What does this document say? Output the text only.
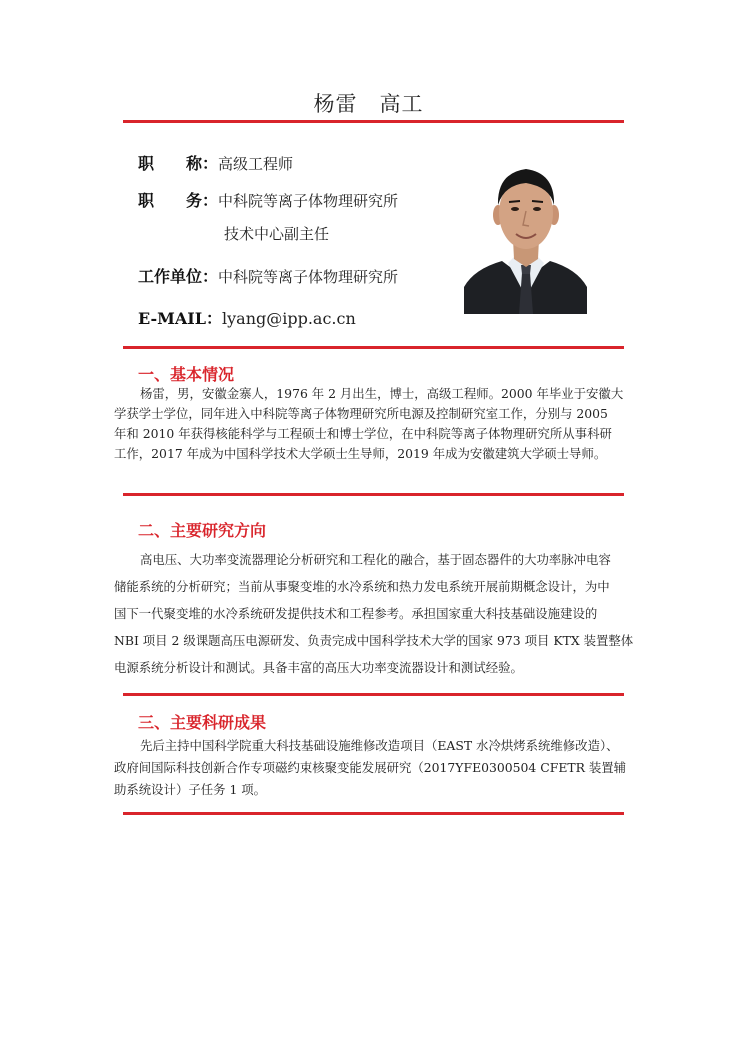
杨雷 高工
职　　称：高级工程师
职　　务：中科院等离子体物理研究所
技术中心副主任
工作单位：中科院等离子体物理研究所
E-MAIL：lyang@ipp.ac.cn
一、基本情况
杨雷，男，安徽金寨人，1976 年 2 月出生，博士，高级工程师。2000 年毕业于安徽大
学获学士学位，同年进入中科院等离子体物理研究所电源及控制研究室工作，分别与 2005
年和 2010 年获得核能科学与工程硕士和博士学位，在中科院等离子体物理研究所从事科研
工作，2017 年成为中国科学技术大学硕士生导师，2019 年成为安徽建筑大学硕士导师。
二、主要研究方向
高电压、大功率变流器理论分析研究和工程化的融合，基于固态器件的大功率脉冲电容
储能系统的分析研究；当前从事聚变堆的水冷系统和热力发电系统开展前期概念设计，为中
国下一代聚变堆的水冷系统研发提供技术和工程参考。承担国家重大科技基础设施建设的
NBI 项目 2 级课题高压电源研发、负责完成中国科学技术大学的国家 973 项目 KTX 装置整体
电源系统分析设计和测试。具备丰富的高压大功率变流器设计和测试经验。
三、主要科研成果
先后主持中国科学院重大科技基础设施维修改造项目（EAST 水冷烘烤系统维修改造）、
政府间国际科技创新合作专项磁约束核聚变能发展研究（2017YFE0300504 CFETR 装置辅
助系统设计）子任务 1 项。
